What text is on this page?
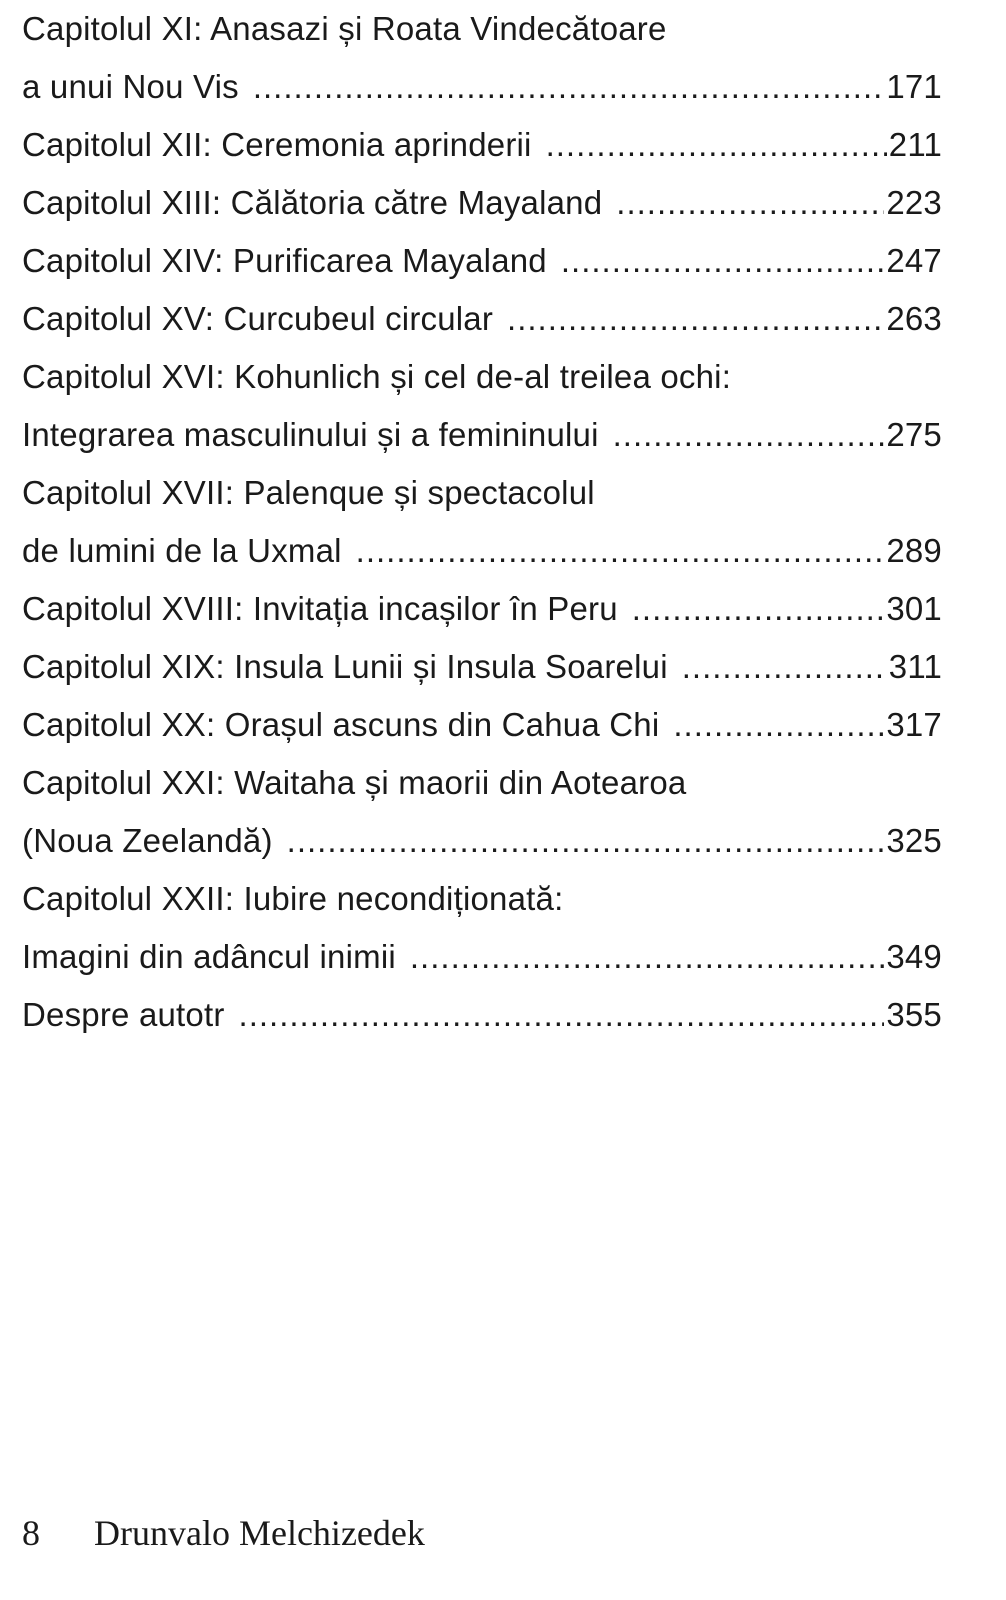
Capitolul XI: Anasazi și Roata Vindecătoare
a unui Nou Vis .....	171
Capitolul XII: Ceremonia aprinderii .....	211
Capitolul XIII: Călătoria către Mayaland .....	223
Capitolul XIV: Purificarea Mayaland .....	247
Capitolul XV: Curcubeul circular .....	263
Capitolul XVI: Kohunlich și cel de-al treilea ochi:
Integrarea masculinului și a femininului .....	275
Capitolul XVII: Palenque și spectacolul
de lumini de la Uxmal .....	289
Capitolul XVIII: Invitația incașilor în Peru .....	301
Capitolul XIX: Insula Lunii și Insula Soarelui .....	311
Capitolul XX: Orașul ascuns din Cahua Chi .....	317
Capitolul XXI: Waitaha și maorii din Aotearoa
(Noua Zeelandă) .....	325
Capitolul XXII: Iubire necondiționată:
Imagini din adâncul inimii .....	349
Despre autotr .....	355
8 Drunvalo Melchizedek
